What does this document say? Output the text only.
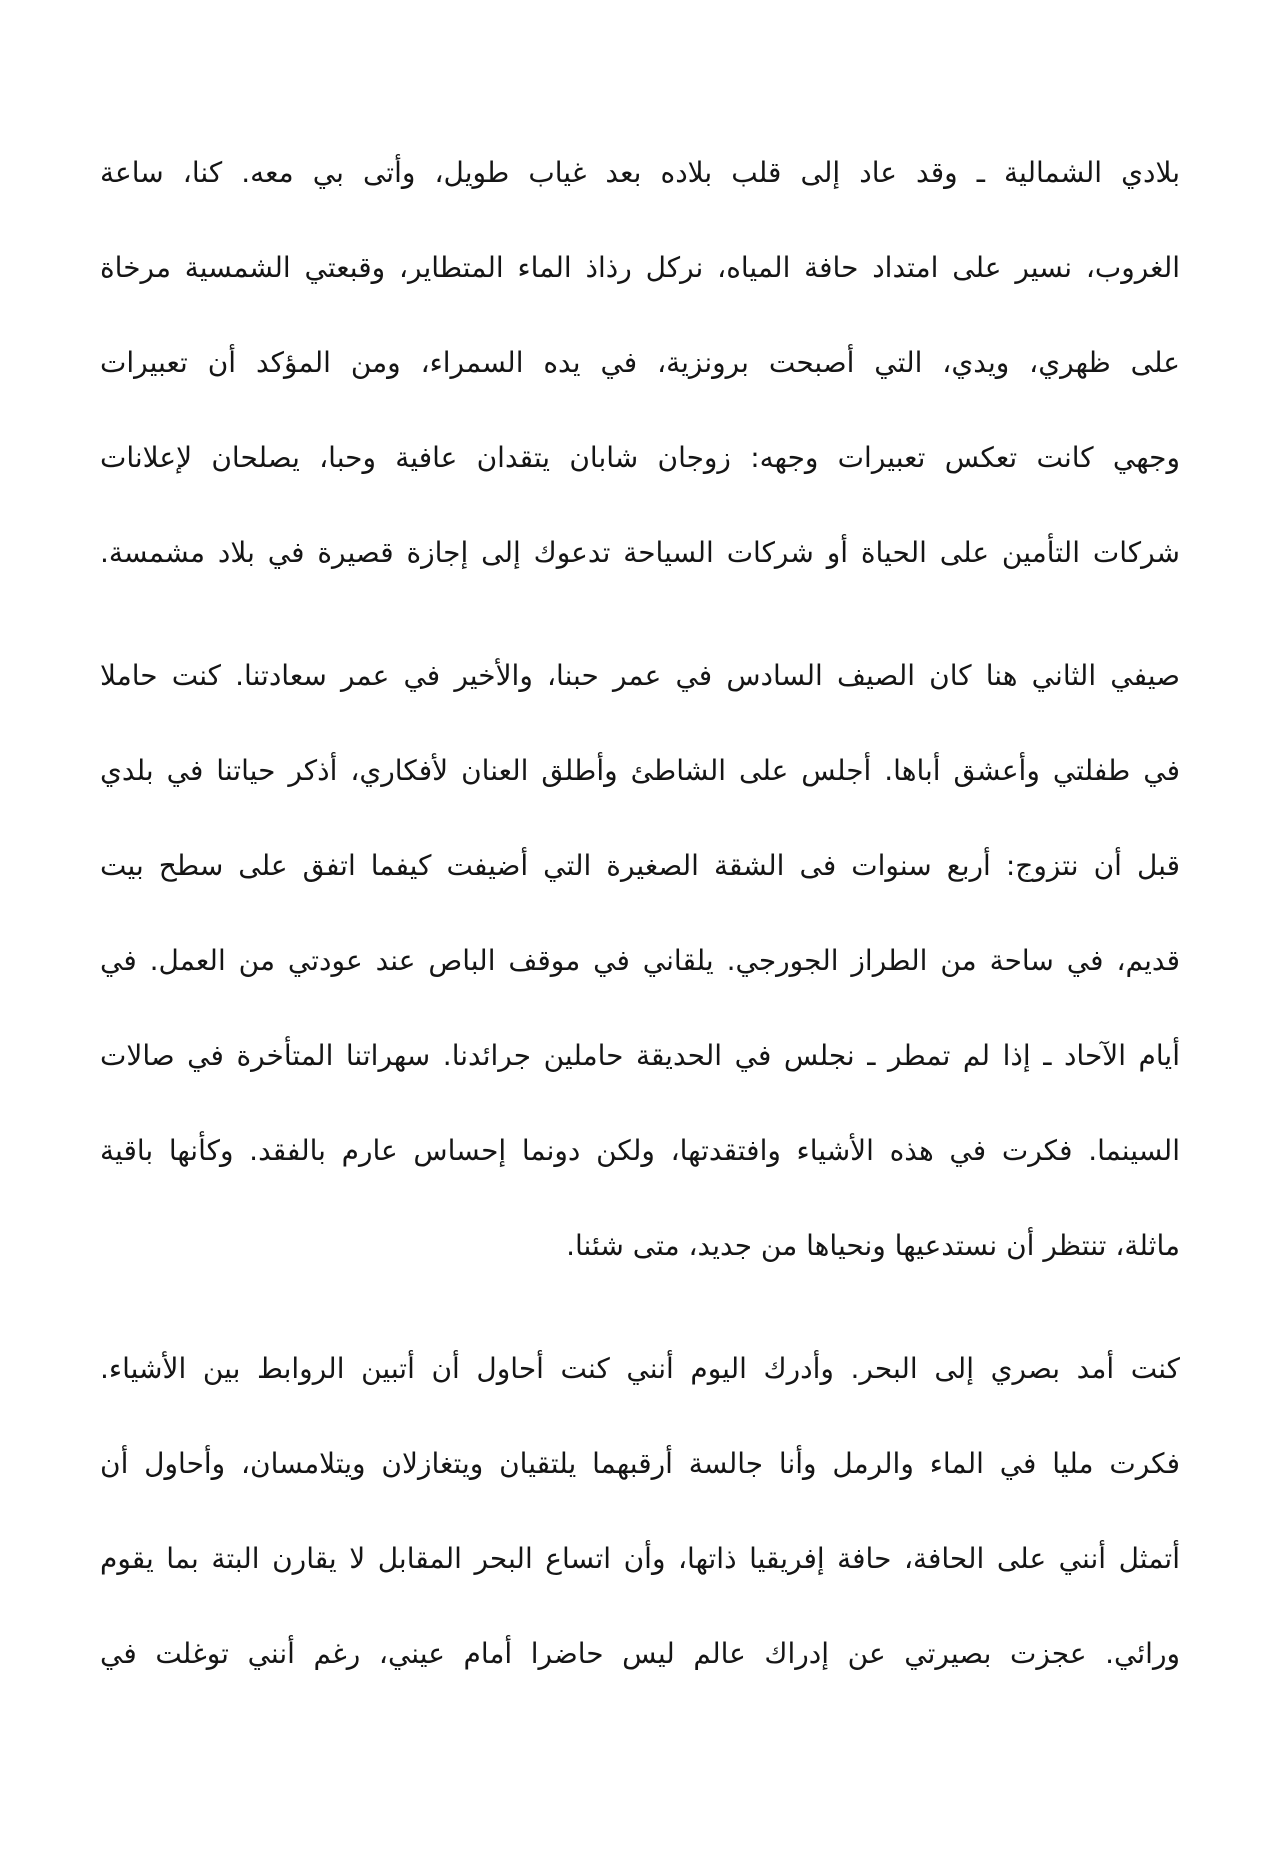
بلادي الشمالية ـ وقد عاد إلى قلب بلاده بعد غياب طويل، وأتى بي معه. كنا، ساعة
الغروب، نسير على امتداد حافة المياه، نركل رذاذ الماء المتطاير، وقبعتي الشمسية مرخاة
على ظهري، ويدي، التي أصبحت برونزية، في يده السمراء، ومن المؤكد أن تعبيرات
وجهي كانت تعكس تعبيرات وجهه: زوجان شابان يتقدان عافية وحبا، يصلحان لإعلانات
شركات التأمين على الحياة أو شركات السياحة تدعوك إلى إجازة قصيرة في بلاد مشمسة.
صيفي الثاني هنا كان الصيف السادس في عمر حبنا، والأخير في عمر سعادتنا. كنت حاملا
في طفلتي وأعشق أباها. أجلس على الشاطئ وأطلق العنان لأفكاري، أذكر حياتنا في بلدي
قبل أن نتزوج: أربع سنوات فى الشقة الصغيرة التي أضيفت كيفما اتفق على سطح بيت
قديم، في ساحة من الطراز الجورجي. يلقاني في موقف الباص عند عودتي من العمل. في
أيام الآحاد ـ إذا لم تمطر ـ نجلس في الحديقة حاملين جرائدنا. سهراتنا المتأخرة في صالات
السينما. فكرت في هذه الأشياء وافتقدتها، ولكن دونما إحساس عارم بالفقد. وكأنها باقية
ماثلة، تنتظر أن نستدعيها ونحياها من جديد، متى شئنا.
كنت أمد بصري إلى البحر. وأدرك اليوم أنني كنت أحاول أن أتبين الروابط بين الأشياء.
فكرت مليا في الماء والرمل وأنا جالسة أرقبهما يلتقيان ويتغازلان ويتلامسان، وأحاول أن
أتمثل أنني على الحافة، حافة إفريقيا ذاتها، وأن اتساع البحر المقابل لا يقارن البتة بما يقوم
ورائي. عجزت بصيرتي عن إدراك عالم ليس حاضرا أمام عيني، رغم أنني توغلت في
